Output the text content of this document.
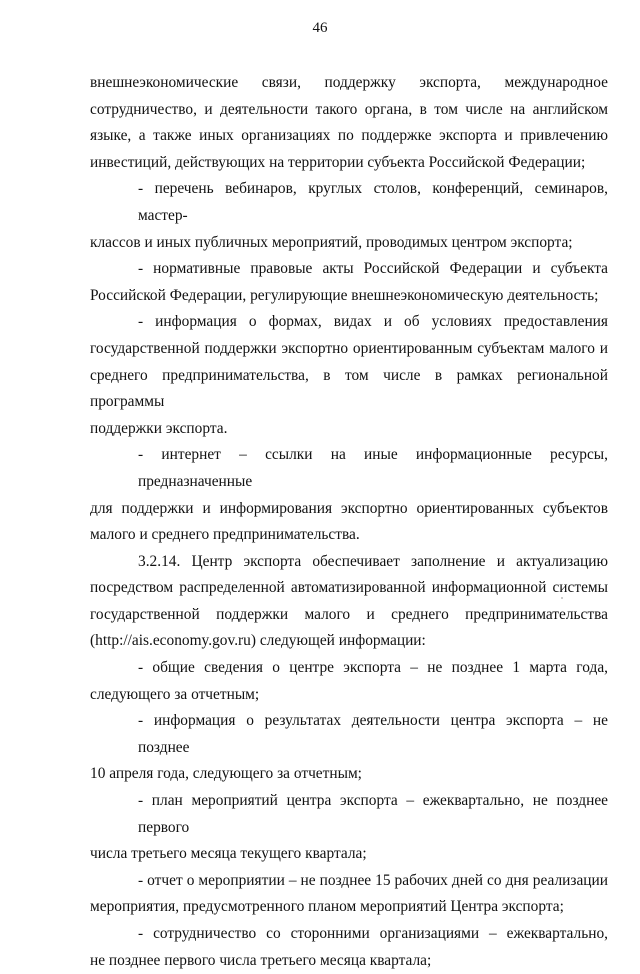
46
внешнеэкономические связи, поддержку экспорта, международное
сотрудничество, и деятельности такого органа, в том числе на английском
языке, а также иных организациях по поддержке экспорта и привлечению
инвестиций, действующих на территории субъекта Российской Федерации;
- перечень вебинаров, круглых столов, конференций, семинаров, мастер-
классов и иных публичных мероприятий, проводимых центром экспорта;
- нормативные правовые акты Российской Федерации и субъекта
Российской Федерации, регулирующие внешнеэкономическую деятельность;
- информация о формах, видах и об условиях предоставления
государственной поддержки экспортно ориентированным субъектам малого и
среднего предпринимательства, в том числе в рамках региональной программы
поддержки экспорта.
- интернет – ссылки на иные информационные ресурсы, предназначенные
для поддержки и информирования экспортно ориентированных субъектов
малого и среднего предпринимательства.
3.2.14. Центр экспорта обеспечивает заполнение и актуализацию
посредством распределенной автоматизированной информационной системы
государственной поддержки малого и среднего предпринимательства
(http://ais.economy.gov.ru) следующей информации:
- общие сведения о центре экспорта – не позднее 1 марта года,
следующего за отчетным;
- информация о результатах деятельности центра экспорта – не позднее
10 апреля года, следующего за отчетным;
- план мероприятий центра экспорта – ежеквартально, не позднее первого
числа третьего месяца текущего квартала;
- отчет о мероприятии – не позднее 15 рабочих дней со дня реализации
мероприятия, предусмотренного планом мероприятий Центра экспорта;
- сотрудничество со сторонними организациями – ежеквартально,
не позднее первого числа третьего месяца квартала;
